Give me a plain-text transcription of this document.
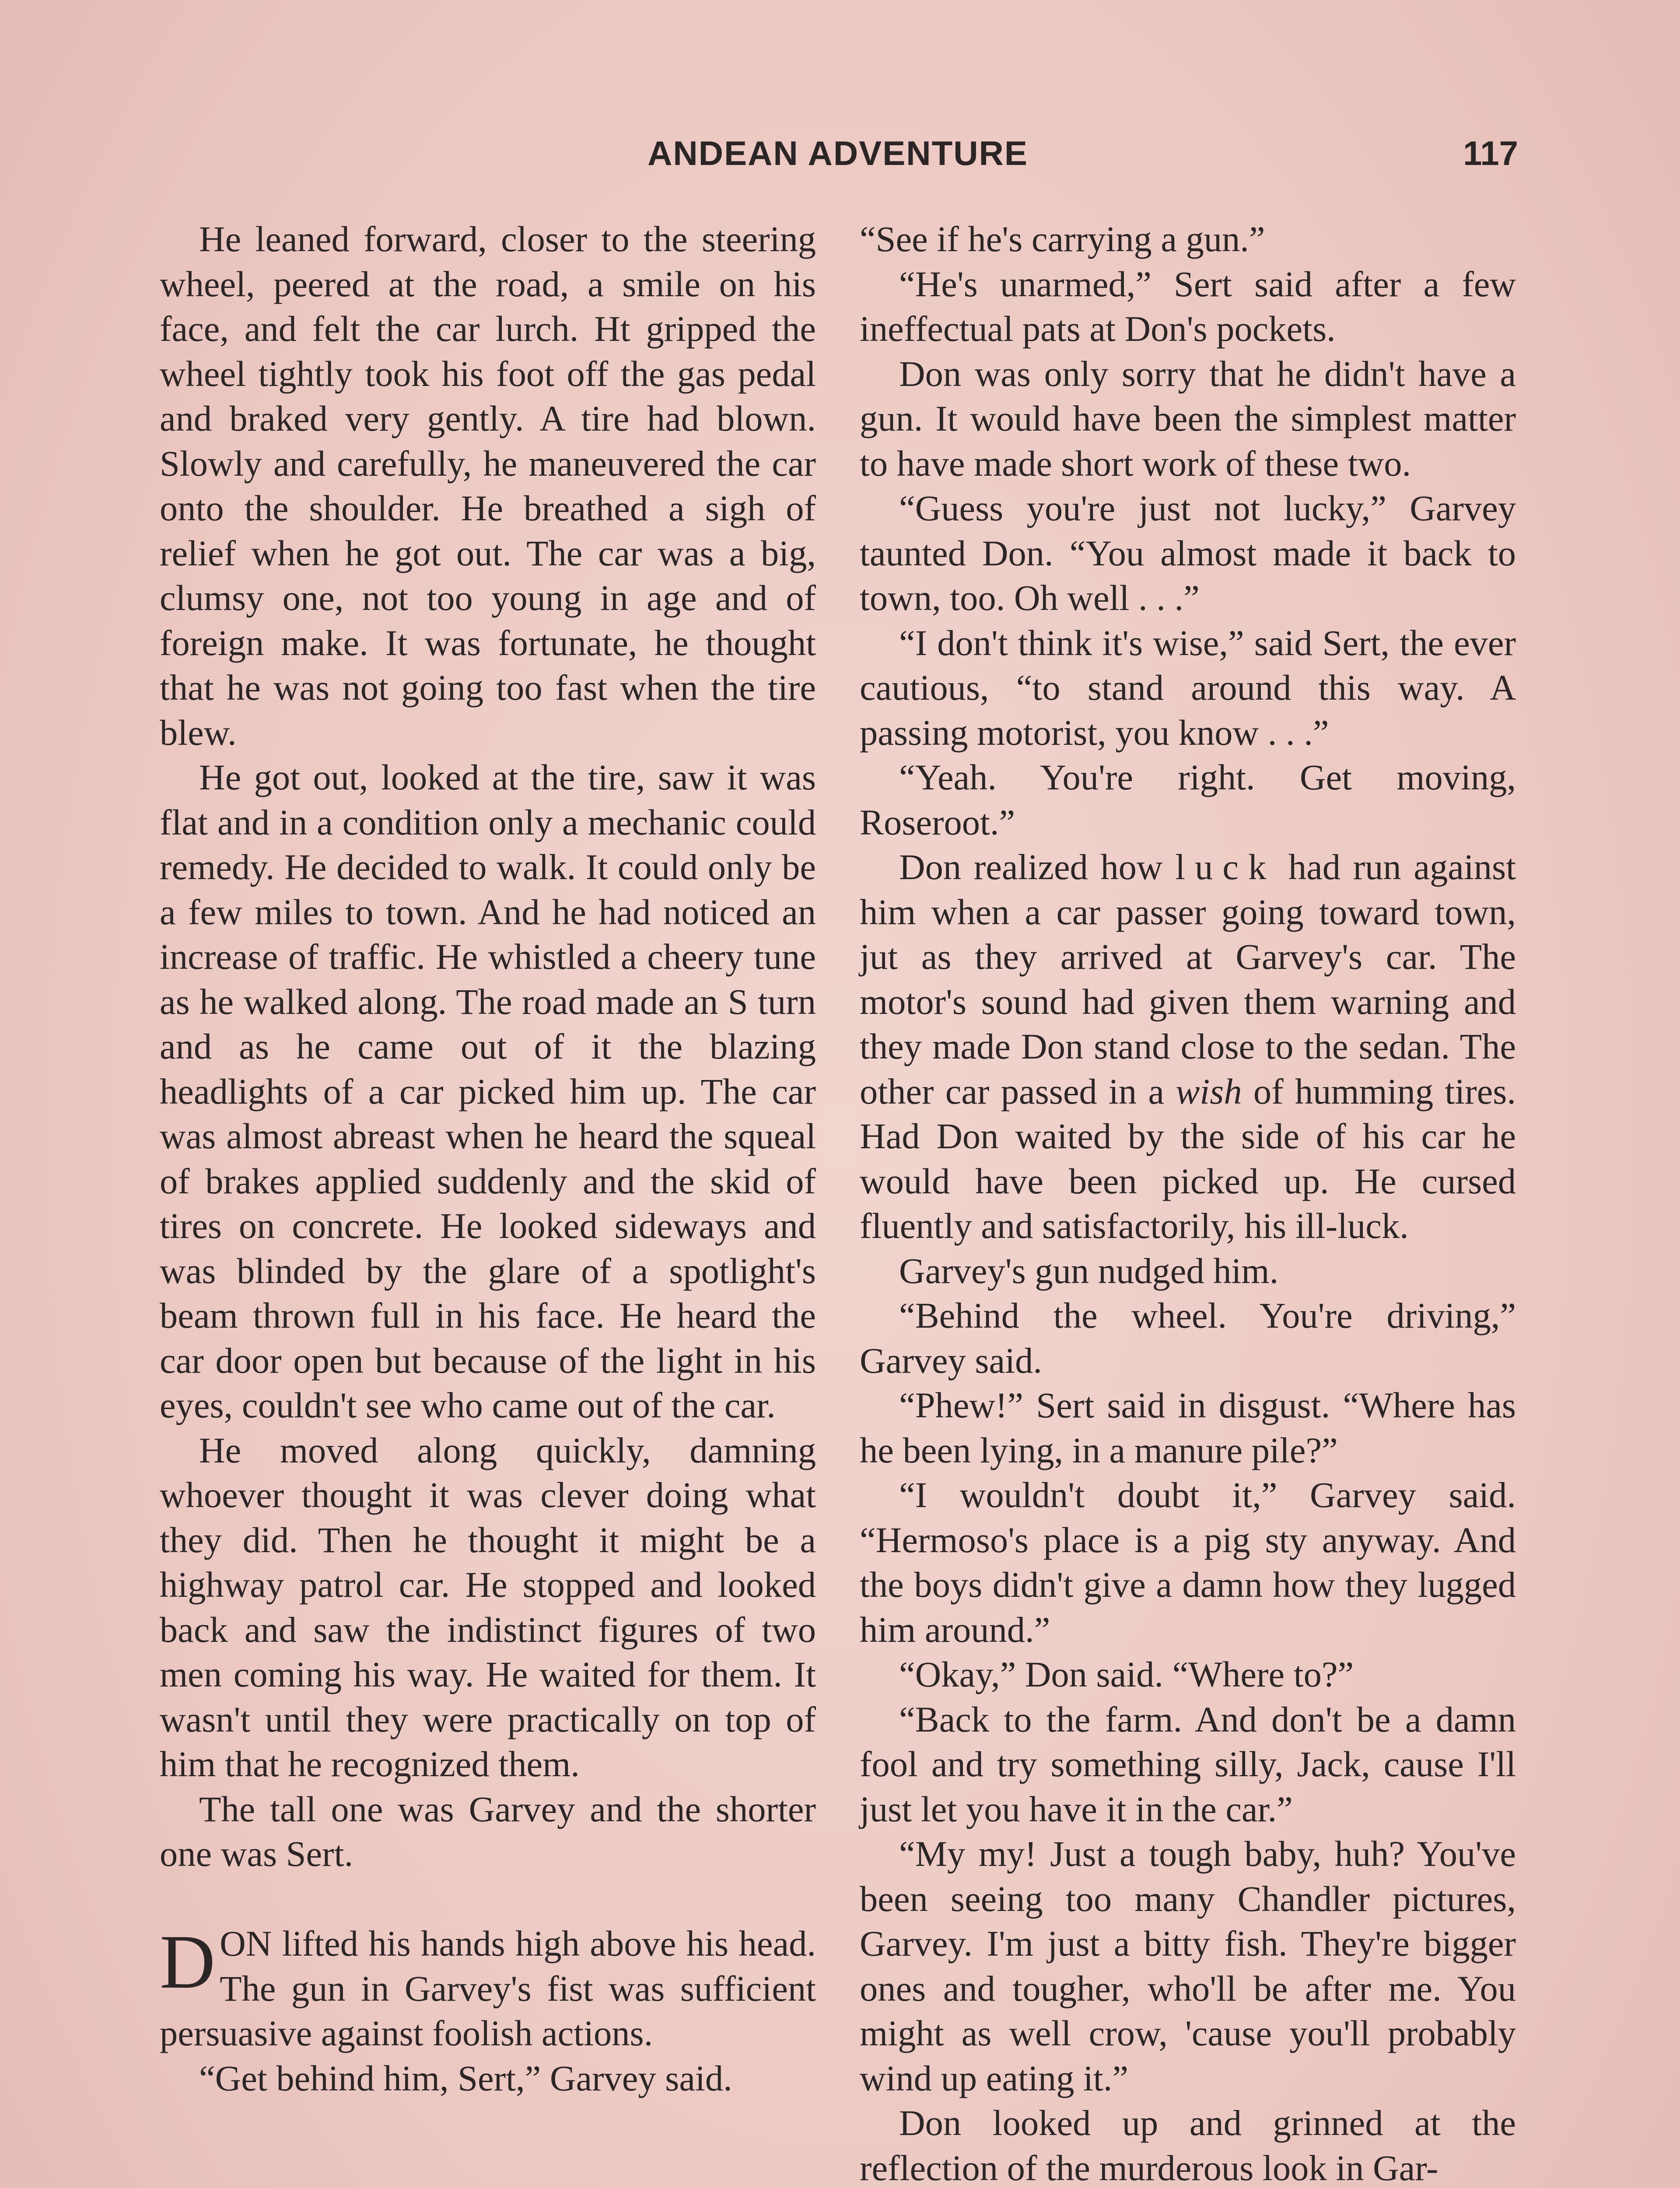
ANDEAN ADVENTURE	117

He leaned forward, closer to the steering wheel, peered at the road, a smile on his face, and felt the car lurch. Ht gripped the wheel tightly took his foot off the gas pedal and braked very gently. A tire had blown. Slowly and carefully, he maneuvered the car onto the shoulder. He breathed a sigh of relief when he got out. The car was a big, clumsy one, not too young in age and of foreign make. It was fortunate, he thought that he was not going too fast when the tire blew.

He got out, looked at the tire, saw it was flat and in a condition only a mechanic could remedy. He decided to walk. It could only be a few miles to town. And he had noticed an increase of traffic. He whistled a cheery tune as he walked along. The road made an S turn and as he came out of it the blazing headlights of a car picked him up. The car was almost abreast when he heard the squeal of brakes applied suddenly and the skid of tires on concrete. He looked sideways and was blinded by the glare of a spotlight's beam thrown full in his face. He heard the car door open but because of the light in his eyes, couldn't see who came out of the car.

He moved along quickly, damning whoever thought it was clever doing what they did. Then he thought it might be a highway patrol car. He stopped and looked back and saw the indistinct figures of two men coming his way. He waited for them. It wasn't until they were practically on top of him that he recognized them.

The tall one was Garvey and the shorter one was Sert.

DON lifted his hands high above his head. The gun in Garvey's fist was sufficient persuasive against foolish actions.

“Get behind him, Sert,” Garvey said.

“See if he's carrying a gun.”

“He's unarmed,” Sert said after a few ineffectual pats at Don's pockets.

Don was only sorry that he didn't have a gun. It would have been the simplest matter to have made short work of these two.

“Guess you're just not lucky,” Garvey taunted Don. “You almost made it back to town, too. Oh well . . .”

“I don't think it's wise,” said Sert, the ever cautious, “to stand around this way. A passing motorist, you know . . .”

“Yeah. You're right. Get moving, Roseroot.”

Don realized how luck had run against him when a car passer going toward town, jut as they arrived at Garvey's car. The motor's sound had given them warning and they made Don stand close to the sedan. The other car passed in a wish of humming tires. Had Don waited by the side of his car he would have been picked up. He cursed fluently and satisfactorily, his ill-luck.

Garvey's gun nudged him.

“Behind the wheel. You're driving,” Garvey said.

“Phew!” Sert said in disgust. “Where has he been lying, in a manure pile?”

“I wouldn't doubt it,” Garvey said. “Hermoso's place is a pig sty anyway. And the boys didn't give a damn how they lugged him around.”

“Okay,” Don said. “Where to?”

“Back to the farm. And don't be a damn fool and try something silly, Jack, cause I'll just let you have it in the car.”

“My my! Just a tough baby, huh? You've been seeing too many Chandler pictures, Garvey. I'm just a bitty fish. They're bigger ones and tougher, who'll be after me. You might as well crow, 'cause you'll probably wind up eating it.”

Don looked up and grinned at the reflection of the murderous look in Gar-
